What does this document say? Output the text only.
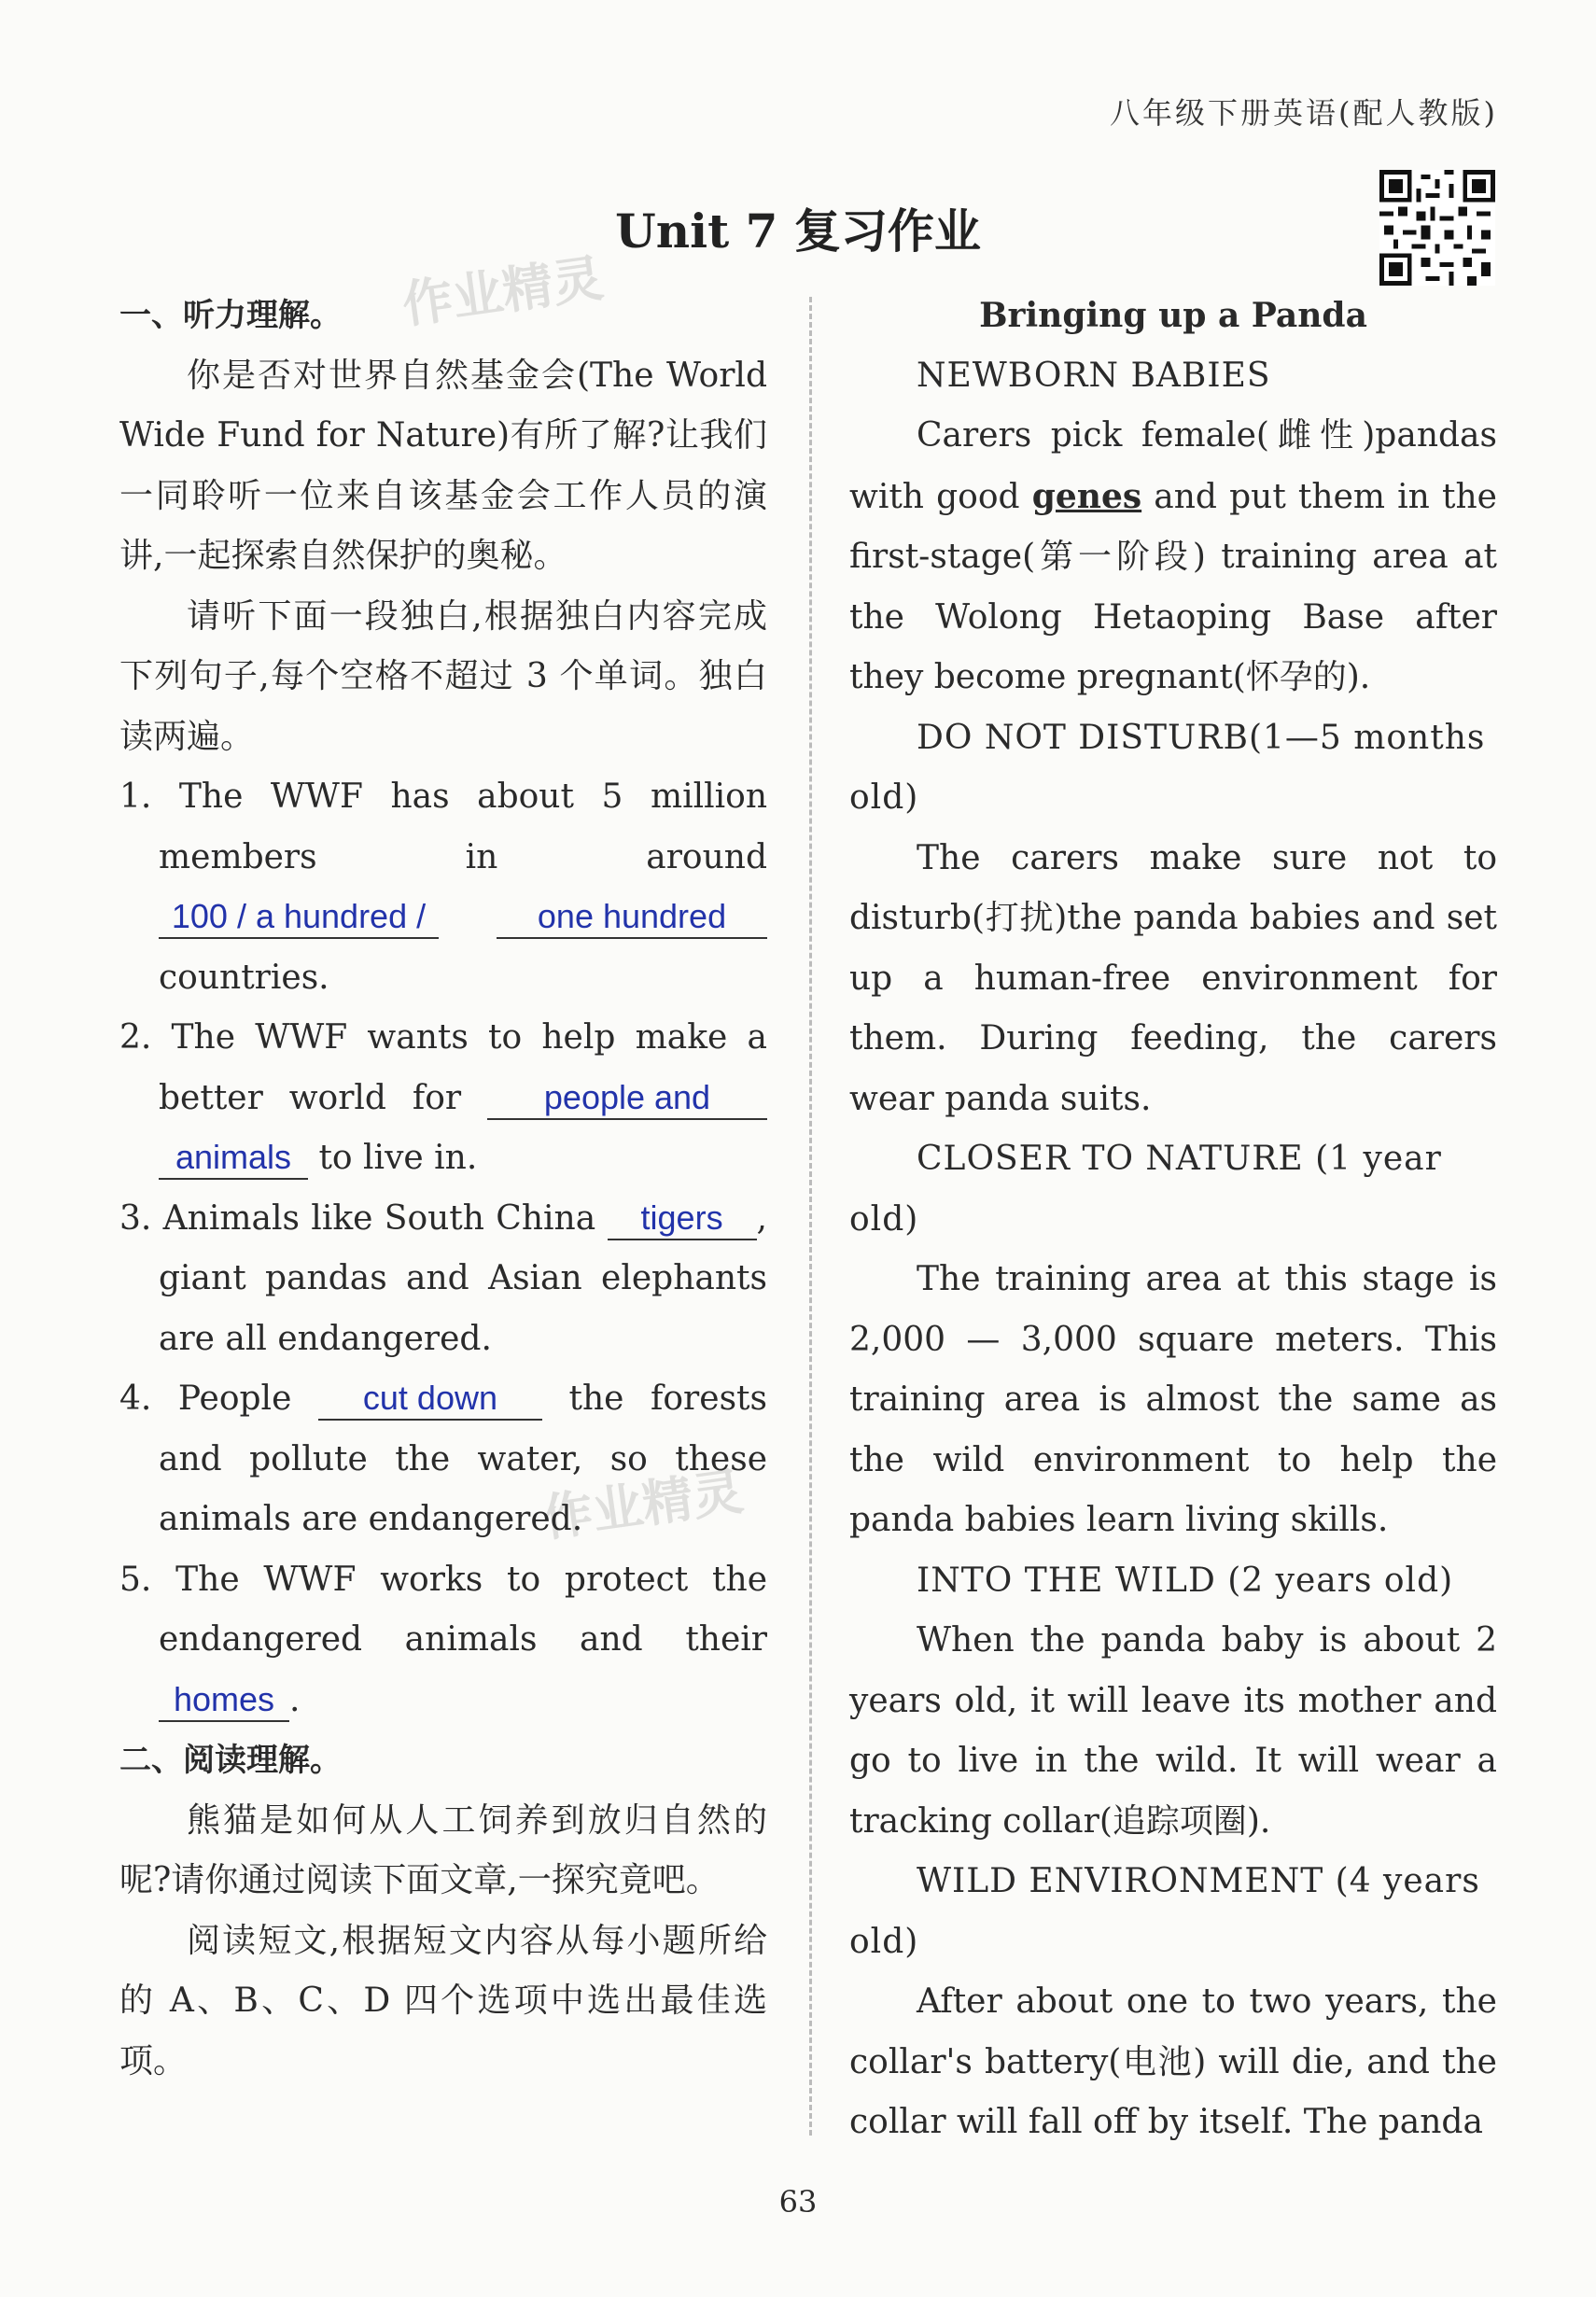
八年级下册英语(配人教版)
Unit 7 复习作业
作业精灵
作业精灵
一、听力理解。
你是否对世界自然基金会(The World Wide Fund for Nature)有所了解?让我们一同聆听一位来自该基金会工作人员的演讲,一起探索自然保护的奥秘。
请听下面一段独白,根据独白内容完成下列句子,每个空格不超过 3 个单词。独白读两遍。
1. The WWF has about 5 million members in around 100 / a hundred /	one hundred countries.
2. The WWF wants to help make a better world for people and animals to live in.
3. Animals like South China tigers , giant pandas and Asian elephants are all endangered.
4. People cut down the forests and pollute the water, so these animals are endangered.
5. The WWF works to protect the endangered animals and their homes .
二、阅读理解。
熊猫是如何从人工饲养到放归自然的呢?请你通过阅读下面文章,一探究竟吧。
阅读短文,根据短文内容从每小题所给的 A、B、C、D 四个选项中选出最佳选项。
Bringing up a Panda
NEWBORN BABIES
Carers pick female(雌性)pandas with good genes and put them in the first-stage(第一阶段) training area at the Wolong Hetaoping Base after they become pregnant(怀孕的).
DO NOT DISTURB(1—5 months old)
The carers make sure not to disturb(打扰)the panda babies and set up a human-free environment for them. During feeding, the carers wear panda suits.
CLOSER TO NATURE (1 year old)
The training area at this stage is 2,000 — 3,000 square meters. This training area is almost the same as the wild environment to help the panda babies learn living skills.
INTO THE WILD (2 years old)
When the panda baby is about 2 years old, it will leave its mother and go to live in the wild. It will wear a tracking collar(追踪项圈).
WILD ENVIRONMENT (4 years old)
After about one to two years, the collar's battery(电池) will die, and the collar will fall off by itself. The panda
63
